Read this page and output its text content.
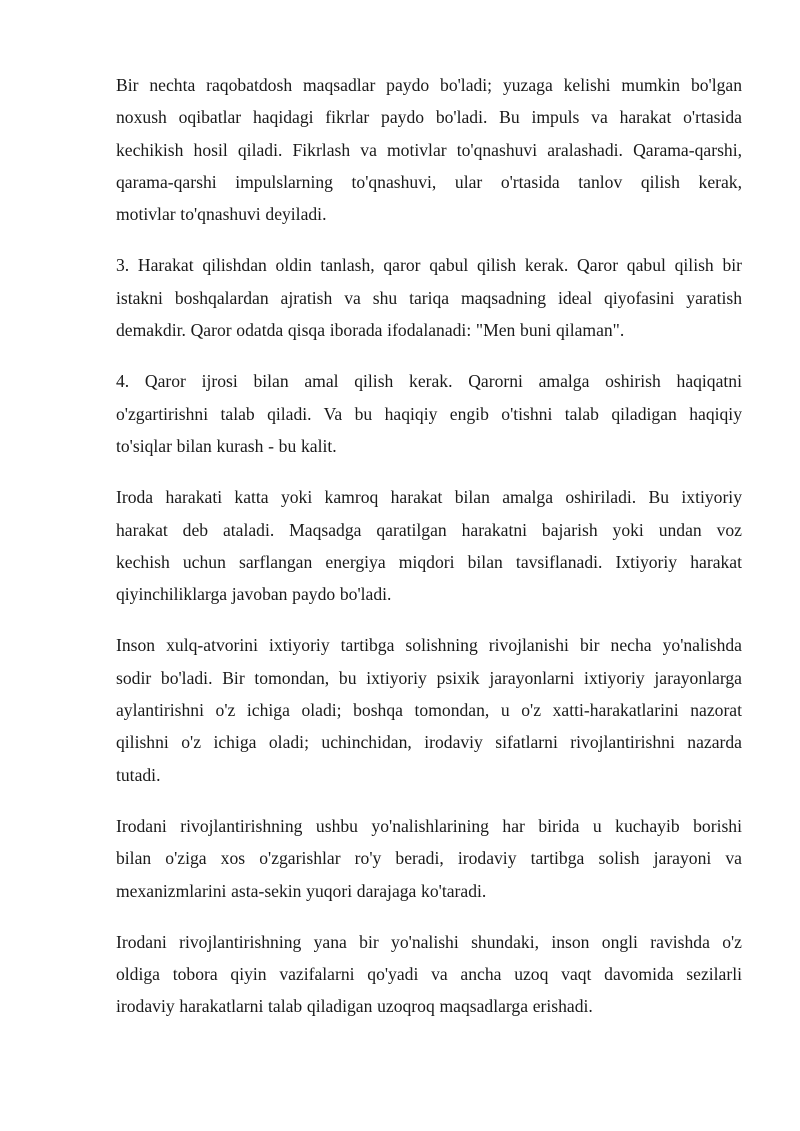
Bir nechta raqobatdosh maqsadlar paydo bo'ladi; yuzaga kelishi mumkin bo'lgan
noxush oqibatlar haqidagi fikrlar paydo bo'ladi. Bu impuls va harakat o'rtasida
kechikish hosil qiladi. Fikrlash va motivlar to'qnashuvi aralashadi. Qarama-qarshi,
qarama-qarshi impulslarning to'qnashuvi, ular o'rtasida tanlov qilish kerak,
motivlar to'qnashuvi deyiladi.

3. Harakat qilishdan oldin tanlash, qaror qabul qilish kerak. Qaror qabul qilish bir
istakni boshqalardan ajratish va shu tariqa maqsadning ideal qiyofasini yaratish
demakdir. Qaror odatda qisqa iborada ifodalanadi: "Men buni qilaman".

4. Qaror ijrosi bilan amal qilish kerak. Qarorni amalga oshirish haqiqatni
o'zgartirishni talab qiladi. Va bu haqiqiy engib o'tishni talab qiladigan haqiqiy
to'siqlar bilan kurash - bu kalit.

Iroda harakati katta yoki kamroq harakat bilan amalga oshiriladi. Bu ixtiyoriy
harakat deb ataladi. Maqsadga qaratilgan harakatni bajarish yoki undan voz
kechish uchun sarflangan energiya miqdori bilan tavsiflanadi. Ixtiyoriy harakat
qiyinchiliklarga javoban paydo bo'ladi.

Inson xulq-atvorini ixtiyoriy tartibga solishning rivojlanishi bir necha yo'nalishda
sodir bo'ladi. Bir tomondan, bu ixtiyoriy psixik jarayonlarni ixtiyoriy jarayonlarga
aylantirishni o'z ichiga oladi; boshqa tomondan, u o'z xatti-harakatlarini nazorat
qilishni o'z ichiga oladi; uchinchidan, irodaviy sifatlarni rivojlantirishni nazarda
tutadi.

Irodani rivojlantirishning ushbu yo'nalishlarining har birida u kuchayib borishi
bilan o'ziga xos o'zgarishlar ro'y beradi, irodaviy tartibga solish jarayoni va
mexanizmlarini asta-sekin yuqori darajaga ko'taradi.

Irodani rivojlantirishning yana bir yo'nalishi shundaki, inson ongli ravishda o'z
oldiga tobora qiyin vazifalarni qo'yadi va ancha uzoq vaqt davomida sezilarli
irodaviy harakatlarni talab qiladigan uzoqroq maqsadlarga erishadi.
